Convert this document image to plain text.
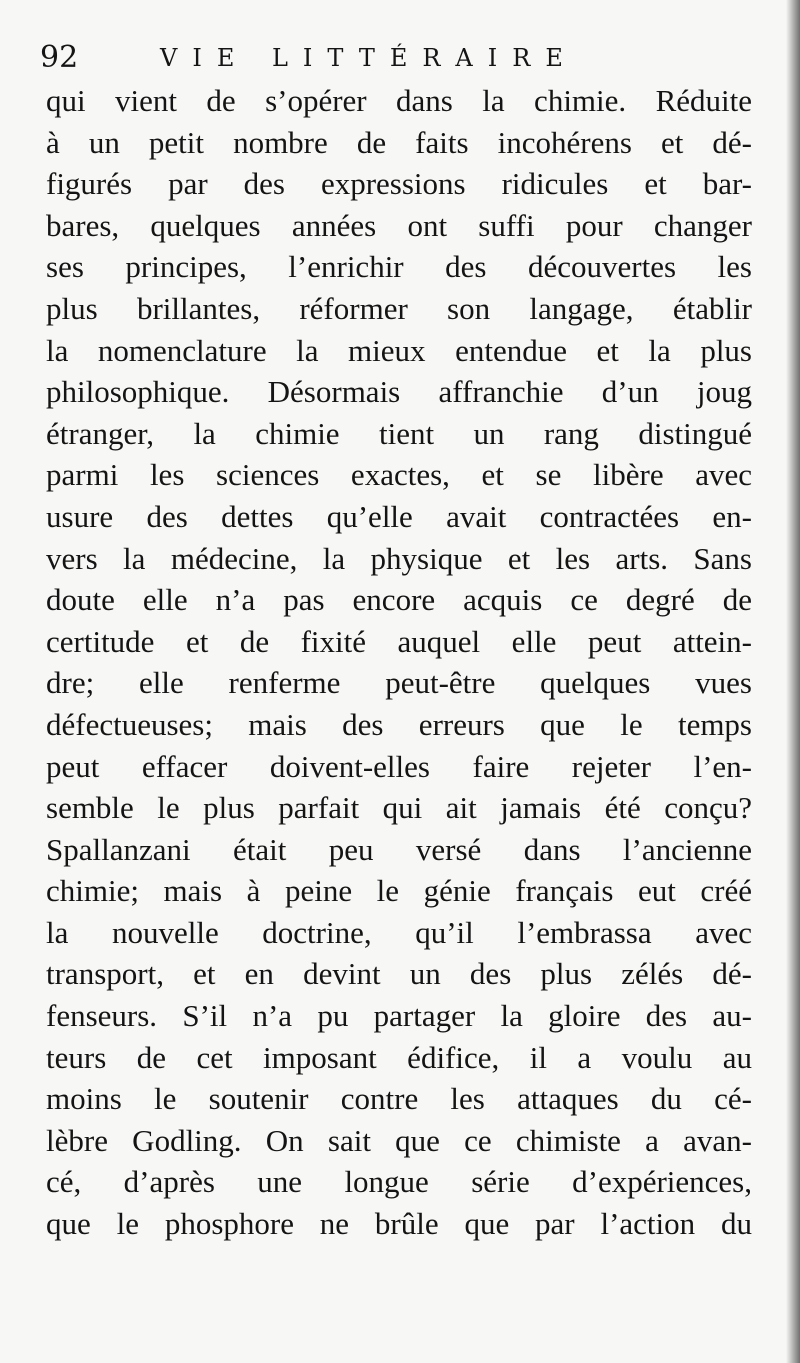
92	VIE LITTÉRAIRE
qui vient de s’opérer dans la chimie. Réduite
à un petit nombre de faits incohérens et dé-
figurés par des expressions ridicules et bar-
bares, quelques années ont suffi pour changer
ses principes, l’enrichir des découvertes les
plus brillantes, réformer son langage, établir
la nomenclature la mieux entendue et la plus
philosophique. Désormais affranchie d’un joug
étranger, la chimie tient un rang distingué
parmi les sciences exactes, et se libère avec
usure des dettes qu’elle avait contractées en-
vers la médecine, la physique et les arts. Sans
doute elle n’a pas encore acquis ce degré de
certitude et de fixité auquel elle peut attein-
dre; elle renferme peut-être quelques vues
défectueuses; mais des erreurs que le temps
peut effacer doivent-elles faire rejeter l’en-
semble le plus parfait qui ait jamais été conçu?
Spallanzani était peu versé dans l’ancienne
chimie; mais à peine le génie français eut créé
la nouvelle doctrine, qu’il l’embrassa avec
transport, et en devint un des plus zélés dé-
fenseurs. S’il n’a pu partager la gloire des au-
teurs de cet imposant édifice, il a voulu au
moins le soutenir contre les attaques du cé-
lèbre Godling. On sait que ce chimiste a avan-
cé, d’après une longue série d’expériences,
que le phosphore ne brûle que par l’action du
